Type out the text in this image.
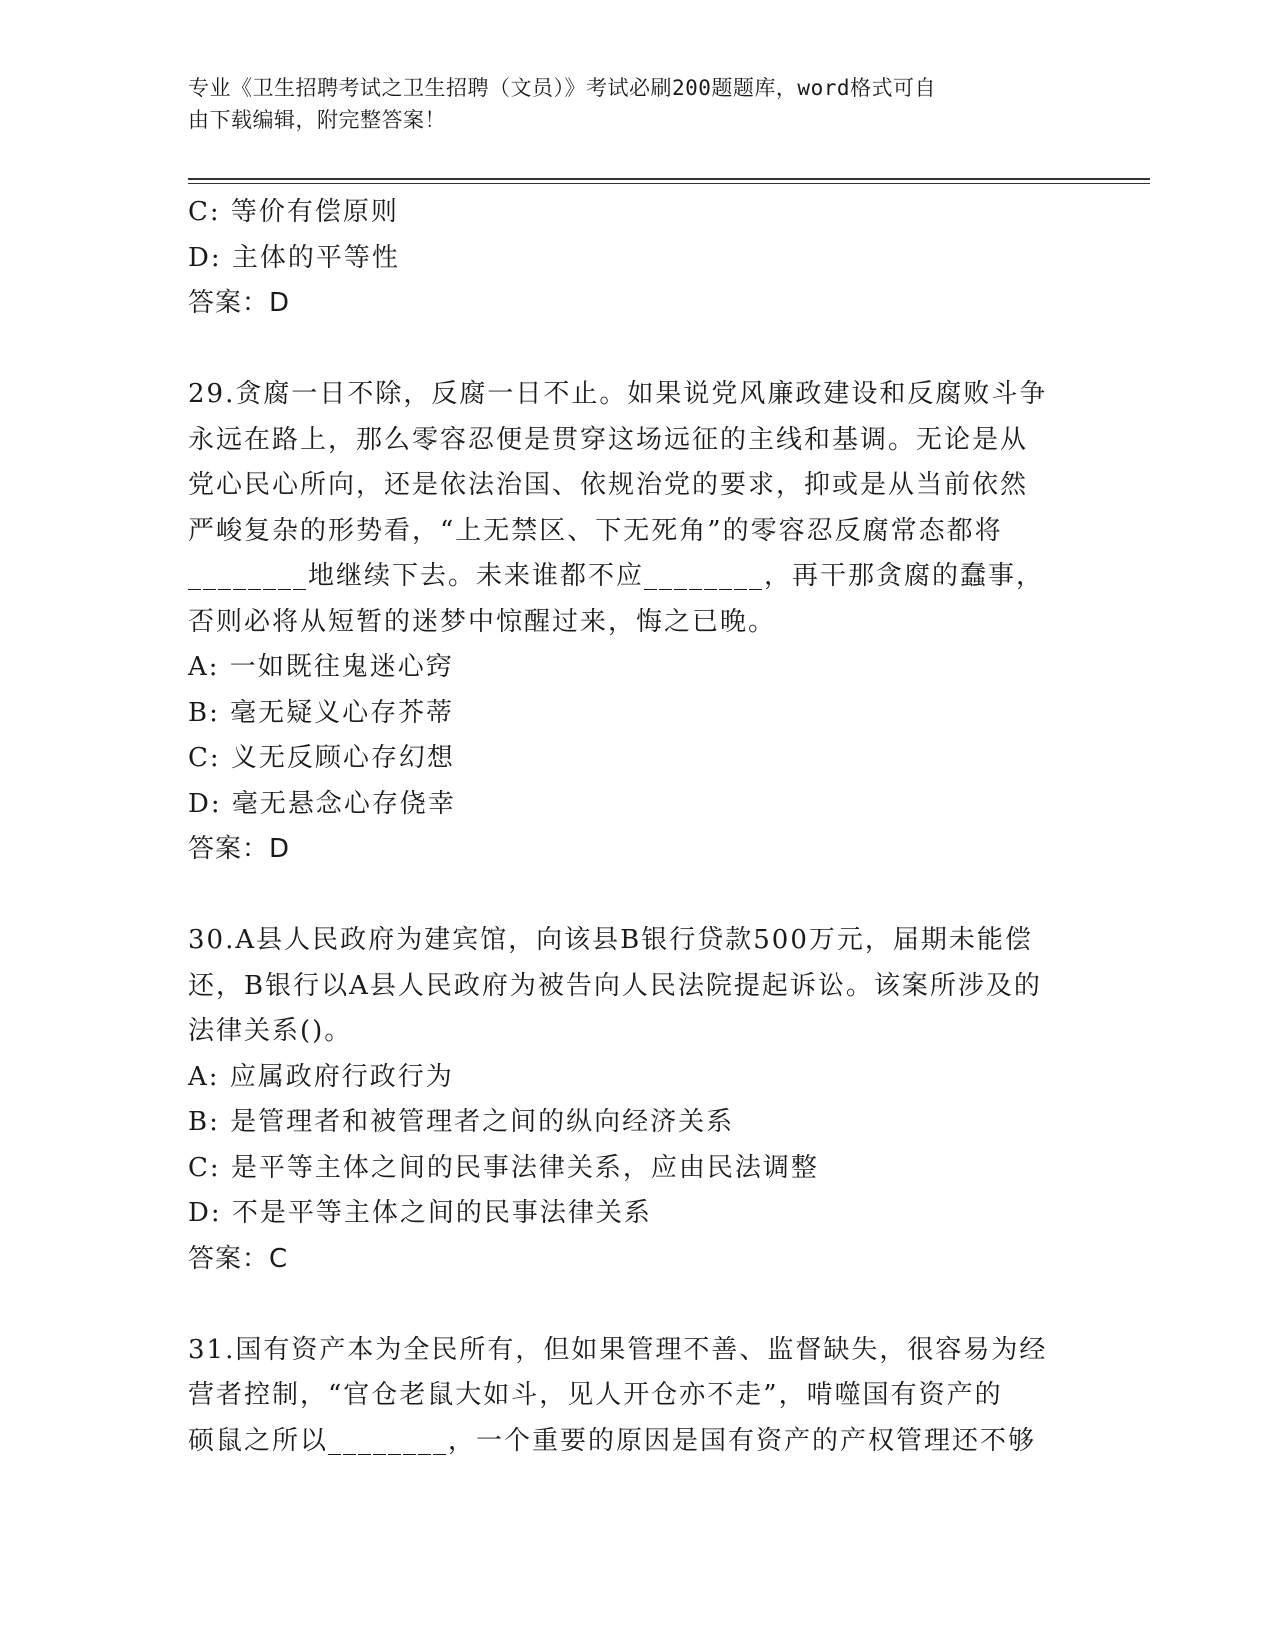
专业《卫生招聘考试之卫生招聘（文员）》考试必刷200题题库，word格式可自
由下载编辑，附完整答案！
C: 等价有偿原则
D: 主体的平等性
答案：D
29.贪腐一日不除，反腐一日不止。如果说党风廉政建设和反腐败斗争
永远在路上，那么零容忍便是贯穿这场远征的主线和基调。无论是从
党心民心所向，还是依法治国、依规治党的要求，抑或是从当前依然
严峻复杂的形势看，“上无禁区、下无死角”的零容忍反腐常态都将
________地继续下去。未来谁都不应________，再干那贪腐的蠢事，
否则必将从短暂的迷梦中惊醒过来，悔之已晚。
A: 一如既往鬼迷心窍
B: 毫无疑义心存芥蒂
C: 义无反顾心存幻想
D: 毫无悬念心存侥幸
答案：D
30.A县人民政府为建宾馆，向该县B银行贷款500万元，届期未能偿
还，B银行以A县人民政府为被告向人民法院提起诉讼。该案所涉及的
法律关系()。
A: 应属政府行政行为
B: 是管理者和被管理者之间的纵向经济关系
C: 是平等主体之间的民事法律关系，应由民法调整
D: 不是平等主体之间的民事法律关系
答案：C
31.国有资产本为全民所有，但如果管理不善、监督缺失，很容易为经
营者控制，“官仓老鼠大如斗，见人开仓亦不走”，啃噬国有资产的
硕鼠之所以________，一个重要的原因是国有资产的产权管理还不够
